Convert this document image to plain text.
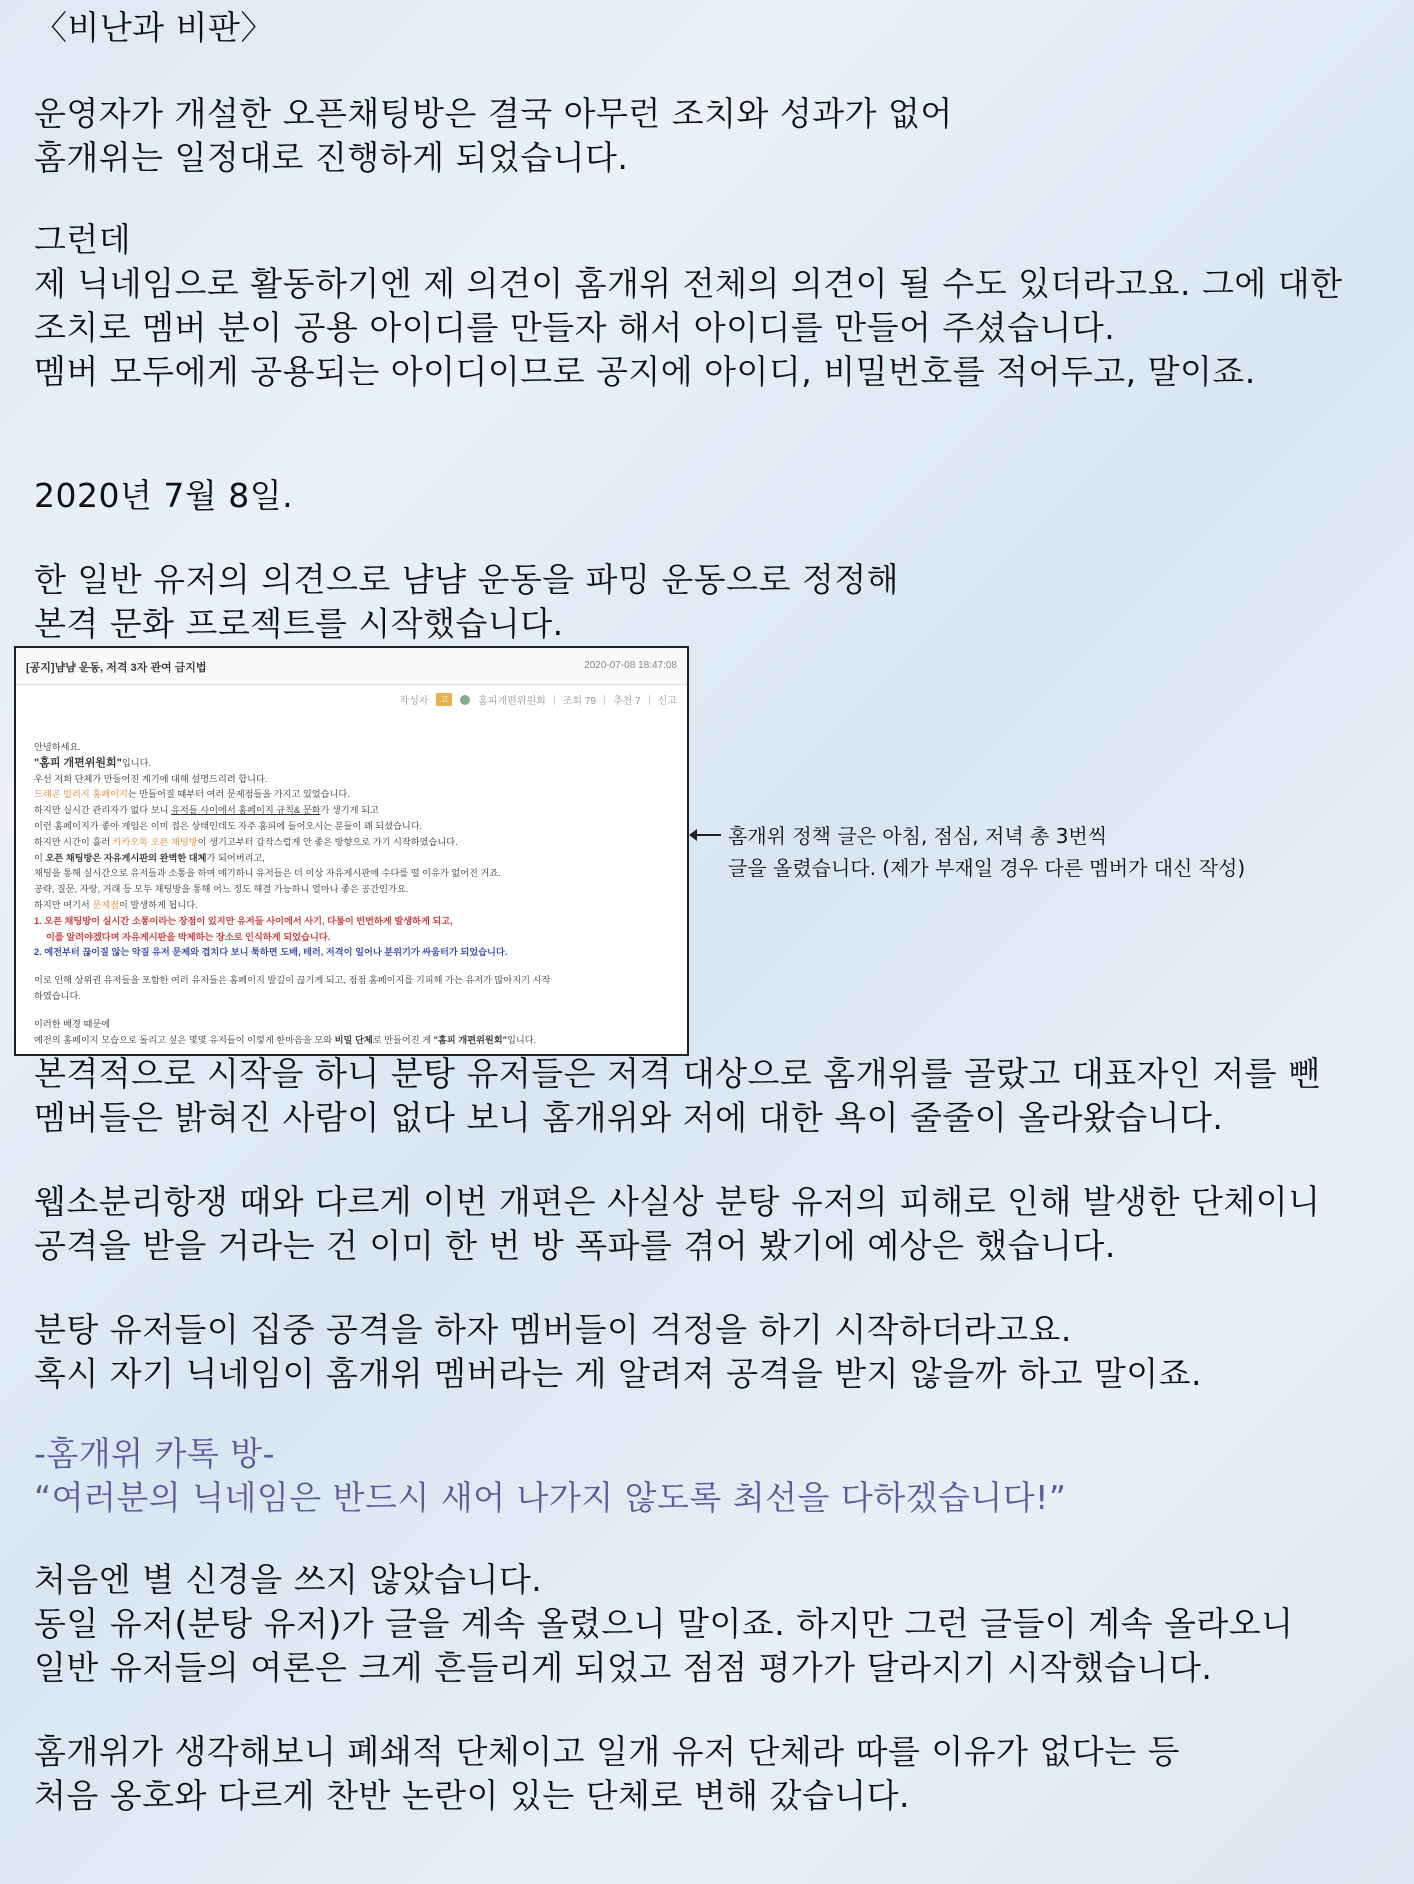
〈비난과 비판〉
운영자가 개설한 오픈채팅방은 결국 아무런 조치와 성과가 없어
홈개위는 일정대로 진행하게 되었습니다.
그런데
제 닉네임으로 활동하기엔 제 의견이 홈개위 전체의 의견이 될 수도 있더라고요. 그에 대한
조치로 멤버 분이 공용 아이디를 만들자 해서 아이디를 만들어 주셨습니다.
멤버 모두에게 공용되는 아이디이므로 공지에 아이디, 비밀번호를 적어두고, 말이죠.
2020년 7월 8일.
한 일반 유저의 의견으로 냠냠 운동을 파밍 운동으로 정정해
본격 문화 프로젝트를 시작했습니다.
[공지]냠냠 운동, 저격 3자 관여 금지법	2020-07-08 18:47:08
작성자	고	홈피개편위원회 조회 79 추천 7 신고

안녕하세요.

"홈피 개편위원회"입니다.

우선 저희 단체가 만들어진 계기에 대해 설명드리려 합니다.

드래곤 빌리지 홈페이지는 만들어질 때부터 여러 문제점들을 가지고 있었습니다.

하지만 실시간 관리자가 없다 보니 유저들 사이에서 홈페이지 규칙& 문화가 생기게 되고

이런 홈페이지가 좋아 게임은 이미 접은 상태인데도 자주 홈피에 들어오시는 분들이 꽤 되셨습니다.

하지만 시간이 흘러 카카오톡 오픈 채팅방이 생기고부터 갑작스럽게 안 좋은 방향으로 가기 시작하였습니다.

이 오픈 채팅방은 자유게시판의 완벽한 대체가 되어버리고,

채팅을 통해 실시간으로 유저들과 소통을 하며 얘기하니 유저들은 더 이상 자유게시판에 수다를 떨 이유가 없어진 거죠.

공략, 질문, 자랑, 거래 등 모두 채팅방을 통해 어느 정도 해결 가능하니 얼마나 좋은 공간인가요.

하지만 여기서 문제점이 발생하게 됩니다.

1. 오픈 채팅방이 실시간 소통이라는 장점이 있지만 유저들 사이에서 사기, 다툼이 빈번하게 발생하게 되고,

이를 알려야겠다며 자유게시판을 박제하는 장소로 인식하게 되었습니다.

2. 예전부터 끊이질 않는 악질 유저 문제와 겹치다 보니 툭하면 도배, 테러, 저격이 일어나 분위기가 싸움터가 되었습니다.

이로 인해 상위권 유저들을 포함한 여러 유저들은 홈페이지 발길이 끊기게 되고, 점점 홈페이지를 기피해 가는 유저가 많아지기 시작

하였습니다.

이러한 배경 때문에

예전의 홈페이지 모습으로 돌리고 싶은 몇몇 유저들이 이렇게 한마음을 모와 비밀 단체로 만들어진 게 "홈피 개편위원회"입니다.

홈개위 정책 글은 아침, 점심, 저녁 총 3번씩
글을 올렸습니다. (제가 부재일 경우 다른 멤버가 대신 작성)
본격적으로 시작을 하니 분탕 유저들은 저격 대상으로 홈개위를 골랐고 대표자인 저를 뺀
멤버들은 밝혀진 사람이 없다 보니 홈개위와 저에 대한 욕이 줄줄이 올라왔습니다.
웹소분리항쟁 때와 다르게 이번 개편은 사실상 분탕 유저의 피해로 인해 발생한 단체이니
공격을 받을 거라는 건 이미 한 번 방 폭파를 겪어 봤기에 예상은 했습니다.
분탕 유저들이 집중 공격을 하자 멤버들이 걱정을 하기 시작하더라고요.
혹시 자기 닉네임이 홈개위 멤버라는 게 알려져 공격을 받지 않을까 하고 말이죠.
-홈개위 카톡 방-
“여러분의 닉네임은 반드시 새어 나가지 않도록 최선을 다하겠습니다!”
처음엔 별 신경을 쓰지 않았습니다.
동일 유저(분탕 유저)가 글을 계속 올렸으니 말이죠. 하지만 그런 글들이 계속 올라오니
일반 유저들의 여론은 크게 흔들리게 되었고 점점 평가가 달라지기 시작했습니다.
홈개위가 생각해보니 폐쇄적 단체이고 일개 유저 단체라 따를 이유가 없다는 등
처음 옹호와 다르게 찬반 논란이 있는 단체로 변해 갔습니다.
